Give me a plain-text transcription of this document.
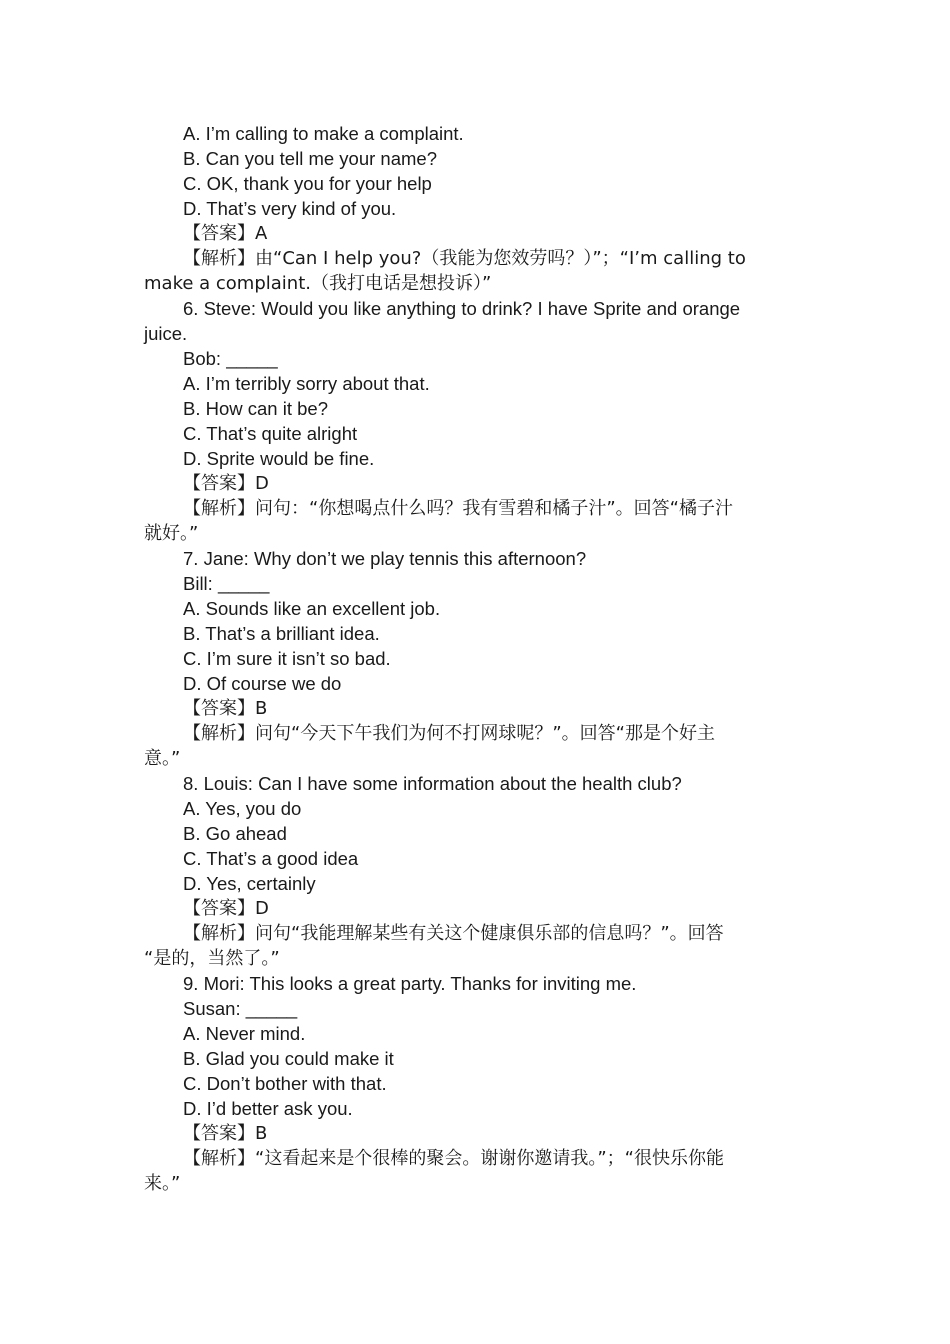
A. I’m calling to make a complaint.
B. Can you tell me your name?
C. OK, thank you for your help
D. That’s very kind of you.
【答案】A
【解析】由“Can I help you?（我能为您效劳吗？）”；“I’m calling to
make a complaint.（我打电话是想投诉）”
6. Steve: Would you like anything to drink? I have Sprite and orange
juice.
Bob: _____
A. I’m terribly sorry about that.
B. How can it be?
C. That’s quite alright
D. Sprite would be fine.
【答案】D
【解析】问句：“你想喝点什么吗？我有雪碧和橘子汁”。回答“橘子汁
就好。”
7. Jane: Why don’t we play tennis this afternoon?
Bill: _____
A. Sounds like an excellent job.
B. That’s a brilliant idea.
C. I’m sure it isn’t so bad.
D. Of course we do
【答案】B
【解析】问句“今天下午我们为何不打网球呢？”。回答“那是个好主
意。”
8. Louis: Can I have some information about the health club?
A. Yes, you do
B. Go ahead
C. That’s a good idea
D. Yes, certainly
【答案】D
【解析】问句“我能理解某些有关这个健康俱乐部的信息吗？”。回答
“是的，当然了。”
9. Mori: This looks a great party. Thanks for inviting me.
Susan: _____
A. Never mind.
B. Glad you could make it
C. Don’t bother with that.
D. I’d better ask you.
【答案】B
【解析】“这看起来是个很棒的聚会。谢谢你邀请我。”；“很快乐你能
来。”
